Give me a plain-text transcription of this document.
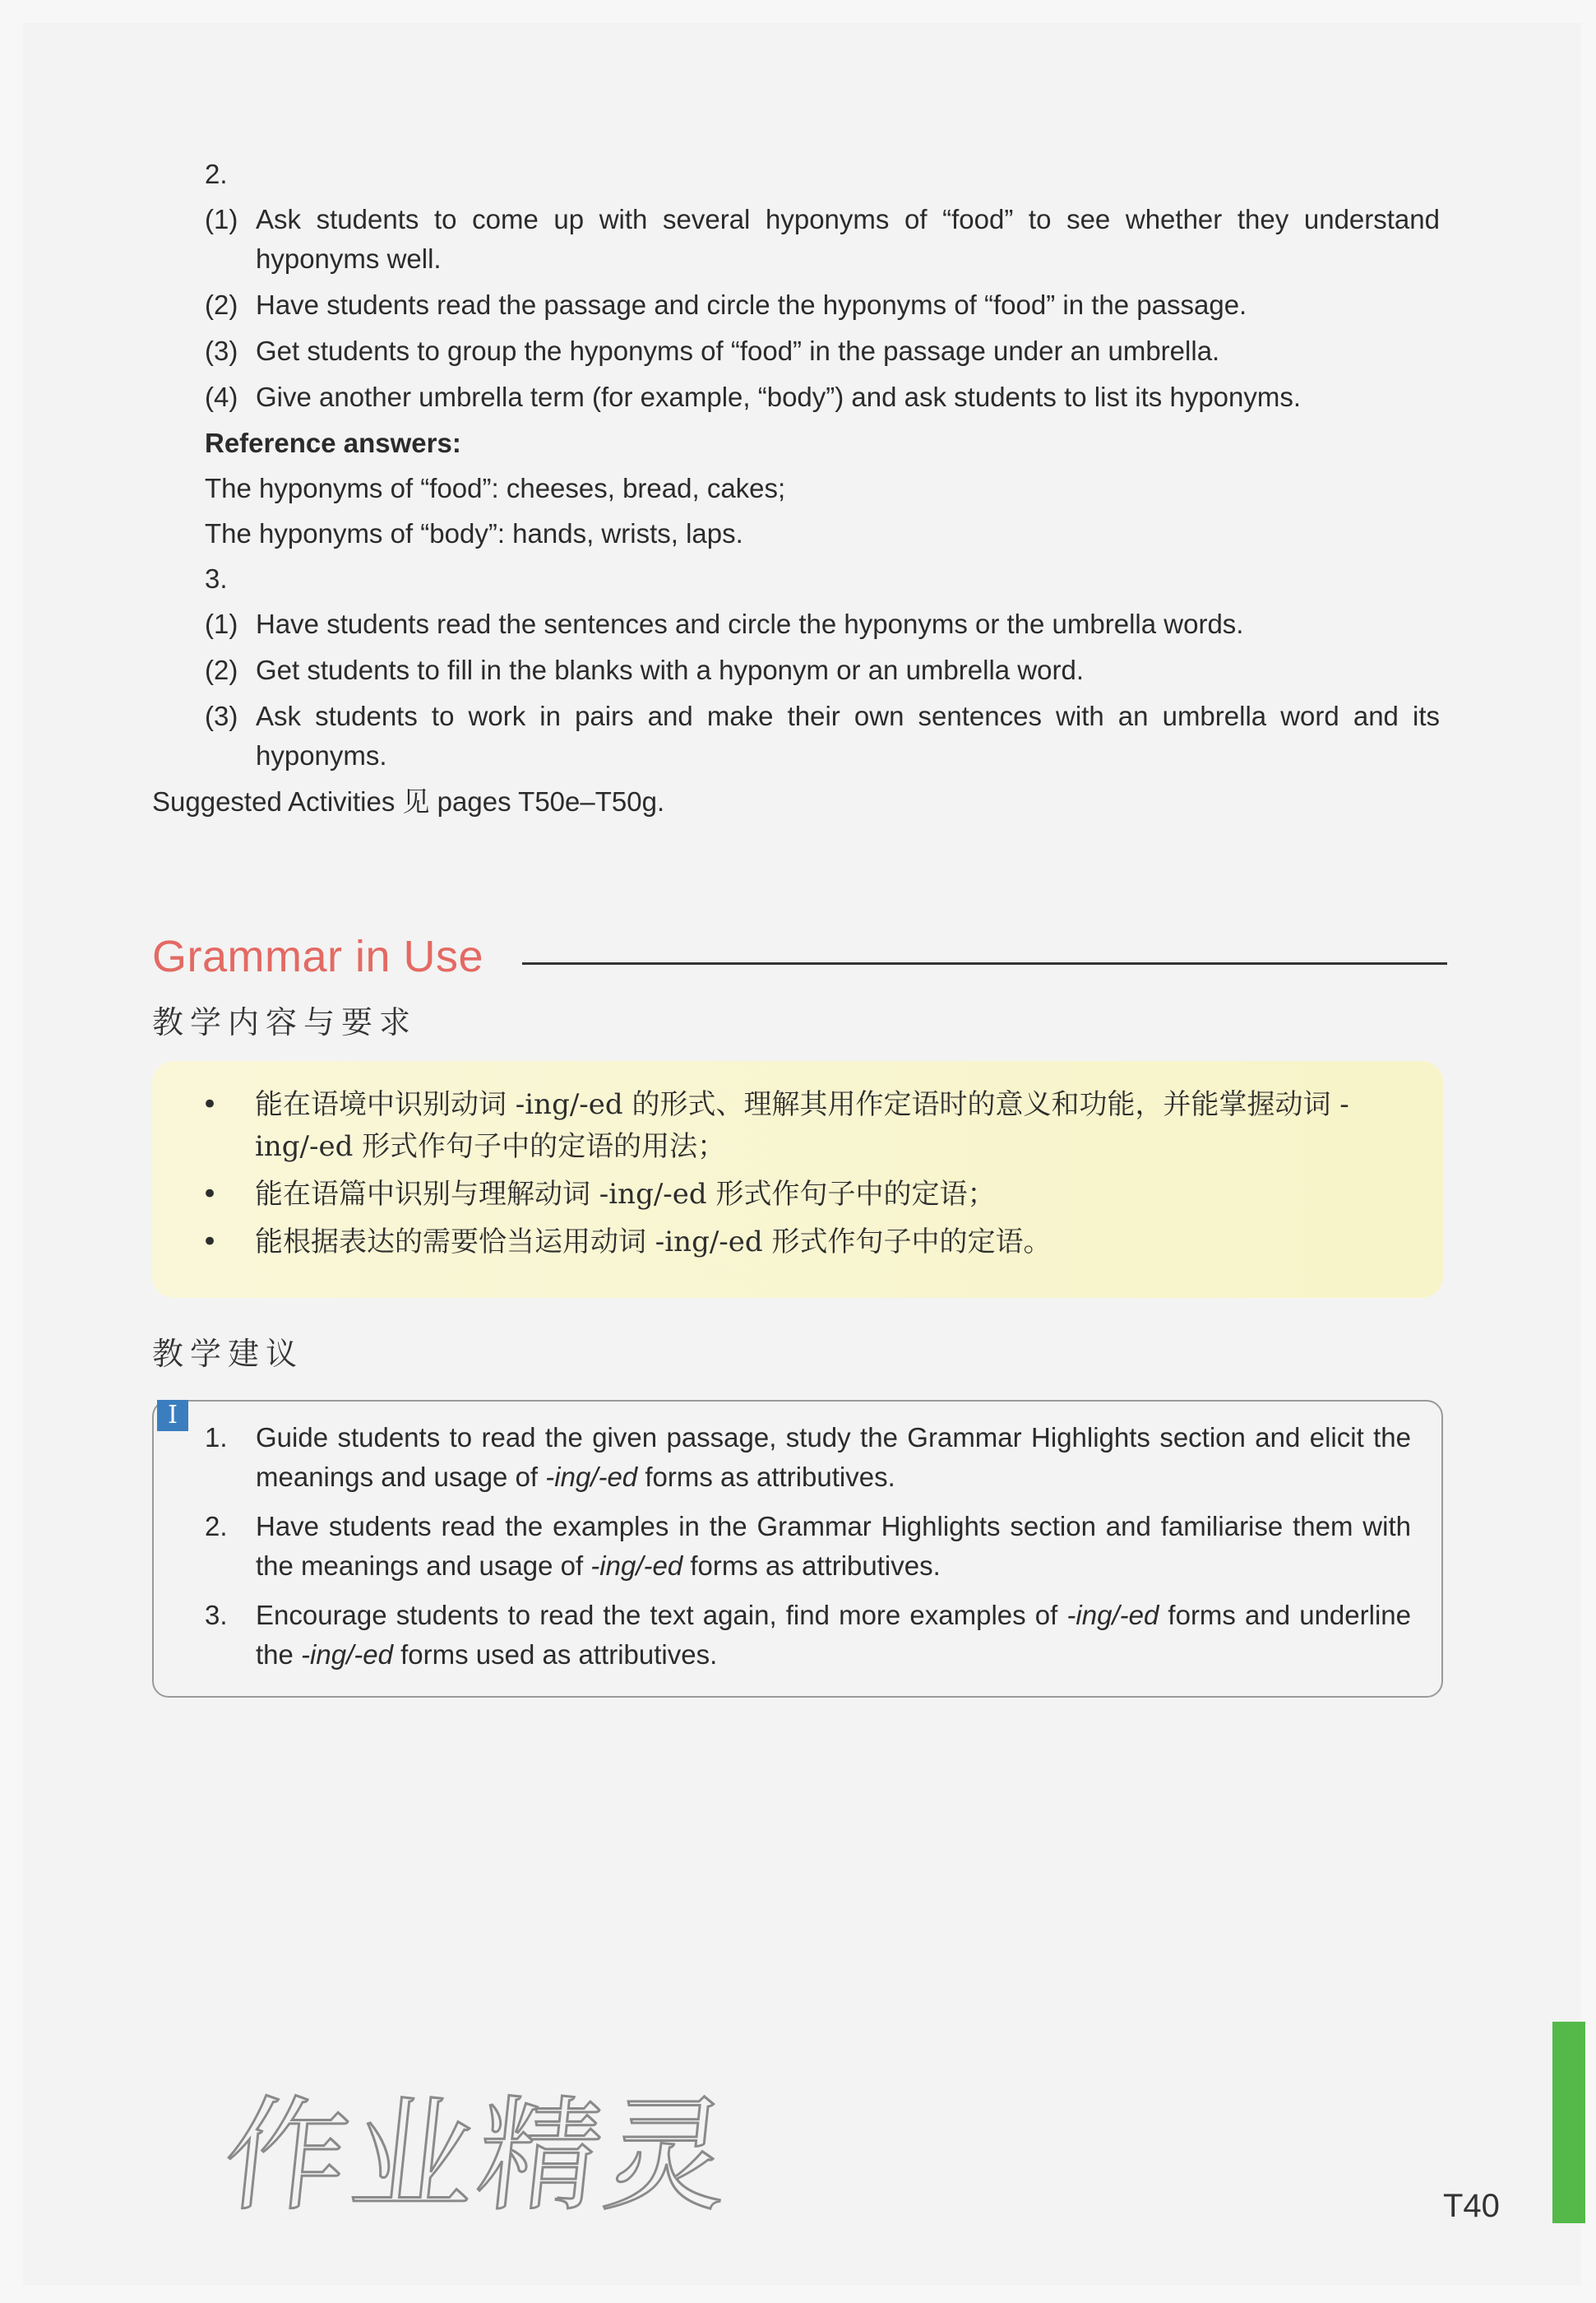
2.

(1) Ask students to come up with several hyponyms of “food” to see whether they understand hyponyms well.
(2) Have students read the passage and circle the hyponyms of “food” in the passage.
(3) Get students to group the hyponyms of “food” in the passage under an umbrella.
(4) Give another umbrella term (for example, “body”) and ask students to list its hyponyms.

Reference answers:

The hyponyms of “food”: cheeses, bread, cakes;

The hyponyms of “body”: hands, wrists, laps.

3.

(1) Have students read the sentences and circle the hyponyms or the umbrella words.
(2) Get students to fill in the blanks with a hyponym or an umbrella word.
(3) Ask students to work in pairs and make their own sentences with an umbrella word and its hyponyms.

Suggested Activities 见 pages T50e–T50g.

Grammar in Use
教学内容与要求
• 能在语境中识别动词 -ing/-ed 的形式、理解其用作定语时的意义和功能，并能掌握动词 -ing/-ed 形式作句子中的定语的用法；
• 能在语篇中识别与理解动词 -ing/-ed 形式作句子中的定语；
• 能根据表达的需要恰当运用动词 -ing/-ed 形式作句子中的定语。
教学建议
I
1. Guide students to read the given passage, study the Grammar Highlights section and elicit the meanings and usage of -ing/-ed forms as attributives.
2. Have students read the examples in the Grammar Highlights section and familiarise them with the meanings and usage of -ing/-ed forms as attributives.
3. Encourage students to read the text again, find more examples of -ing/-ed forms and underline the -ing/-ed forms used as attributives.
作业精灵	T40
